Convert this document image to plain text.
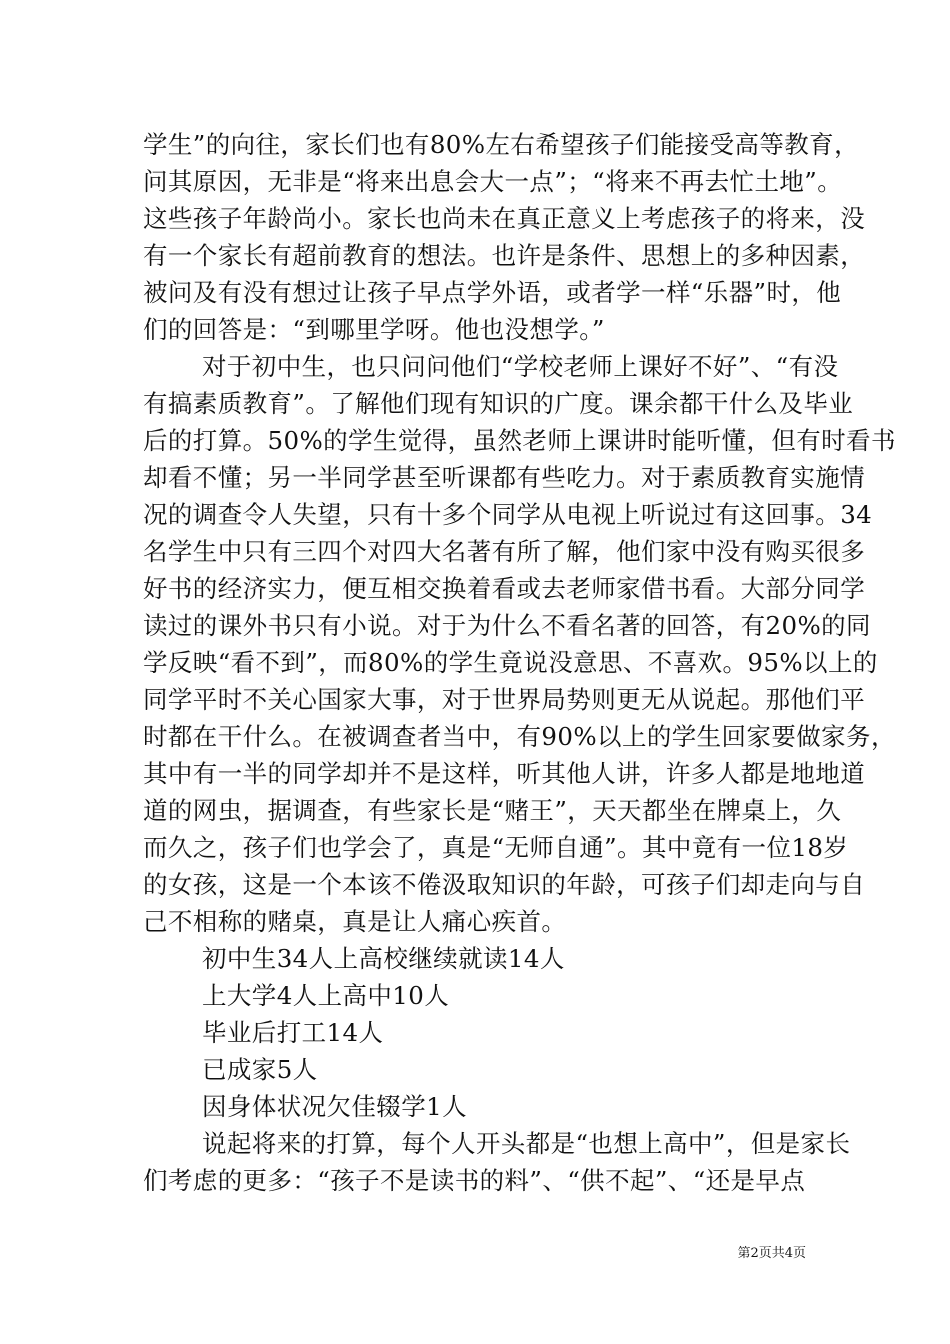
学生”的向往，家长们也有80%左右希望孩子们能接受高等教育，
问其原因，无非是“将来出息会大一点”；“将来不再去忙土地”。
这些孩子年龄尚小。家长也尚未在真正意义上考虑孩子的将来，没
有一个家长有超前教育的想法。也许是条件、思想上的多种因素，
被问及有没有想过让孩子早点学外语，或者学一样“乐器”时，他
们的回答是：“到哪里学呀。他也没想学。”
对于初中生，也只问问他们“学校老师上课好不好”、“有没
有搞素质教育”。了解他们现有知识的广度。课余都干什么及毕业
后的打算。50%的学生觉得，虽然老师上课讲时能听懂，但有时看书
却看不懂；另一半同学甚至听课都有些吃力。对于素质教育实施情
况的调查令人失望，只有十多个同学从电视上听说过有这回事。34
名学生中只有三四个对四大名著有所了解，他们家中没有购买很多
好书的经济实力，便互相交换着看或去老师家借书看。大部分同学
读过的课外书只有小说。对于为什么不看名著的回答，有20%的同
学反映“看不到”，而80%的学生竟说没意思、不喜欢。95%以上的
同学平时不关心国家大事，对于世界局势则更无从说起。那他们平
时都在干什么。在被调查者当中，有90%以上的学生回家要做家务，
其中有一半的同学却并不是这样，听其他人讲，许多人都是地地道
道的网虫，据调查，有些家长是“赌王”，天天都坐在牌桌上，久
而久之，孩子们也学会了，真是“无师自通”。其中竟有一位18岁
的女孩，这是一个本该不倦汲取知识的年龄，可孩子们却走向与自
己不相称的赌桌，真是让人痛心疾首。
初中生34人上高校继续就读14人
上大学4人上高中10人
毕业后打工14人
已成家5人
因身体状况欠佳辍学1人
说起将来的打算，每个人开头都是“也想上高中”，但是家长
们考虑的更多：“孩子不是读书的料”、“供不起”、“还是早点
第2页共4页
